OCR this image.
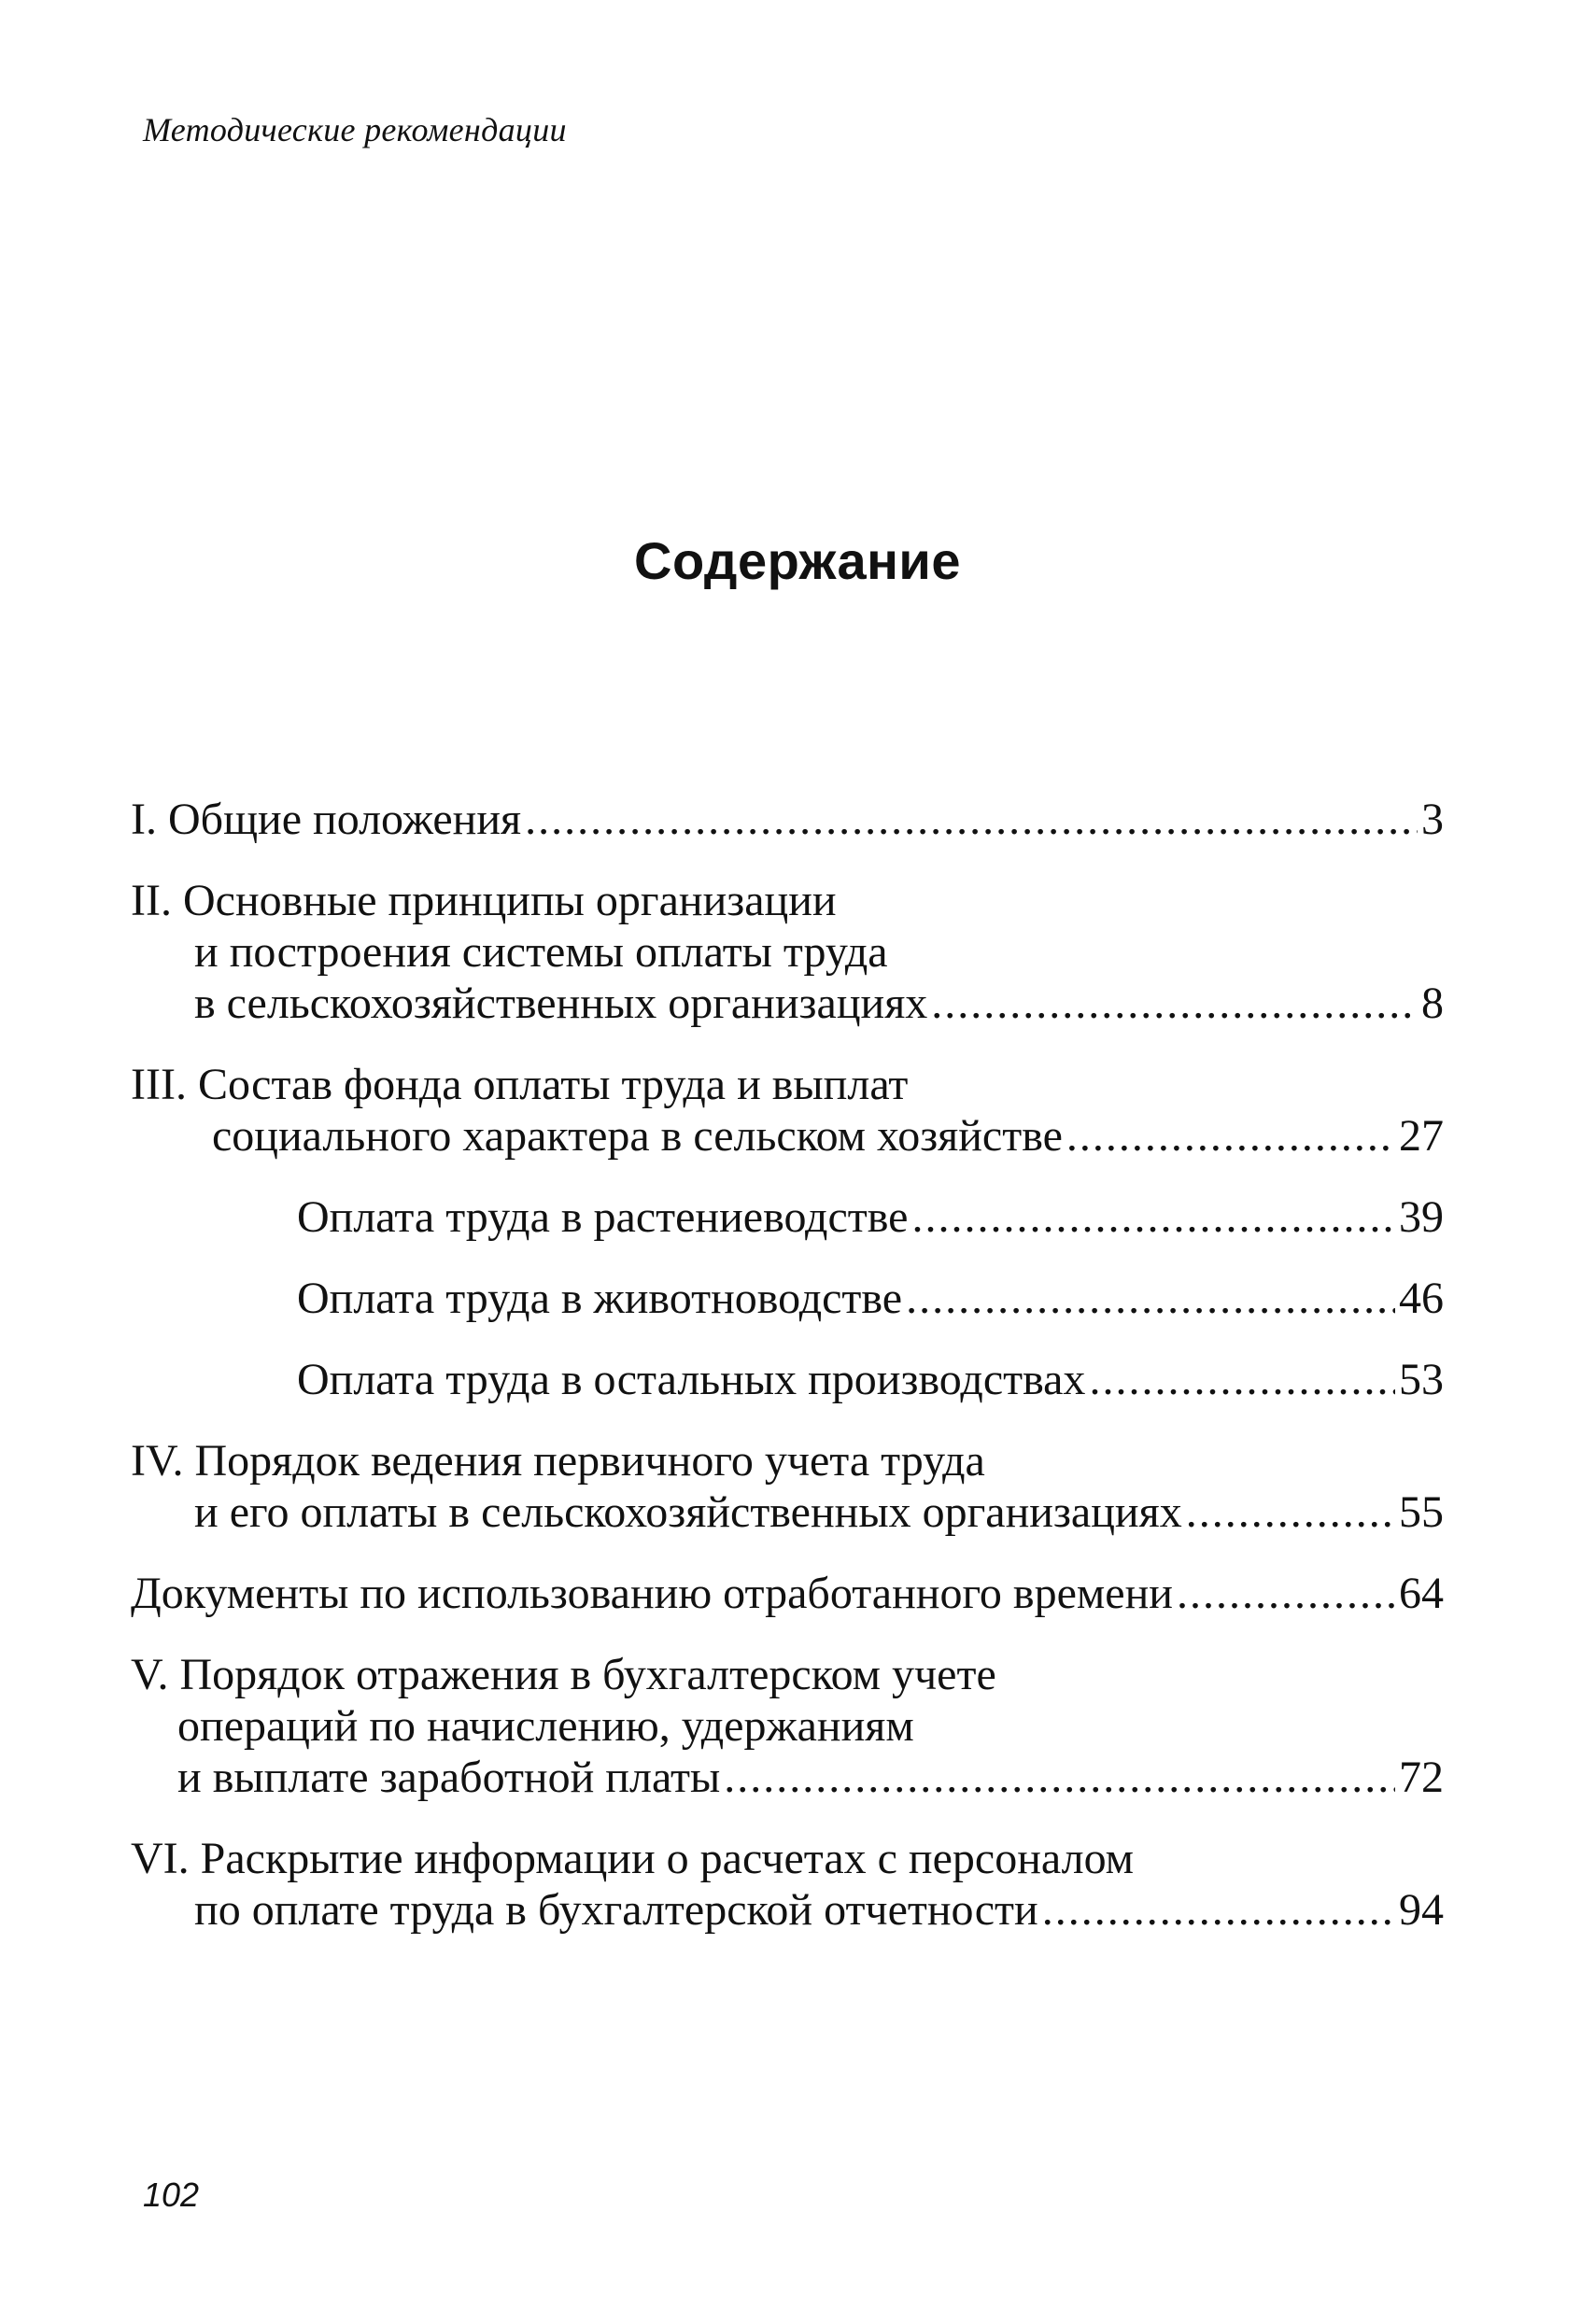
Методические рекомендации
Содержание
I. Общие положения .....	3
II. Основные принципы организации
и построения системы оплаты труда
в сельскохозяйственных организациях .....	8
III. Состав фонда оплаты труда и выплат
социального характера в сельском хозяйстве .....	27
Оплата труда в растениеводстве .....	39
Оплата труда в животноводстве .....	46
Оплата труда в остальных производствах .....	53
IV. Порядок ведения первичного учета труда
и его оплаты в сельскохозяйственных организациях .....	55
Документы по использованию отработанного времени .....	64
V. Порядок отражения в бухгалтерском учете
операций по начислению, удержаниям
и выплате заработной платы .....	72
VI. Раскрытие информации о расчетах с персоналом
по оплате труда в бухгалтерской отчетности .....	94
102
